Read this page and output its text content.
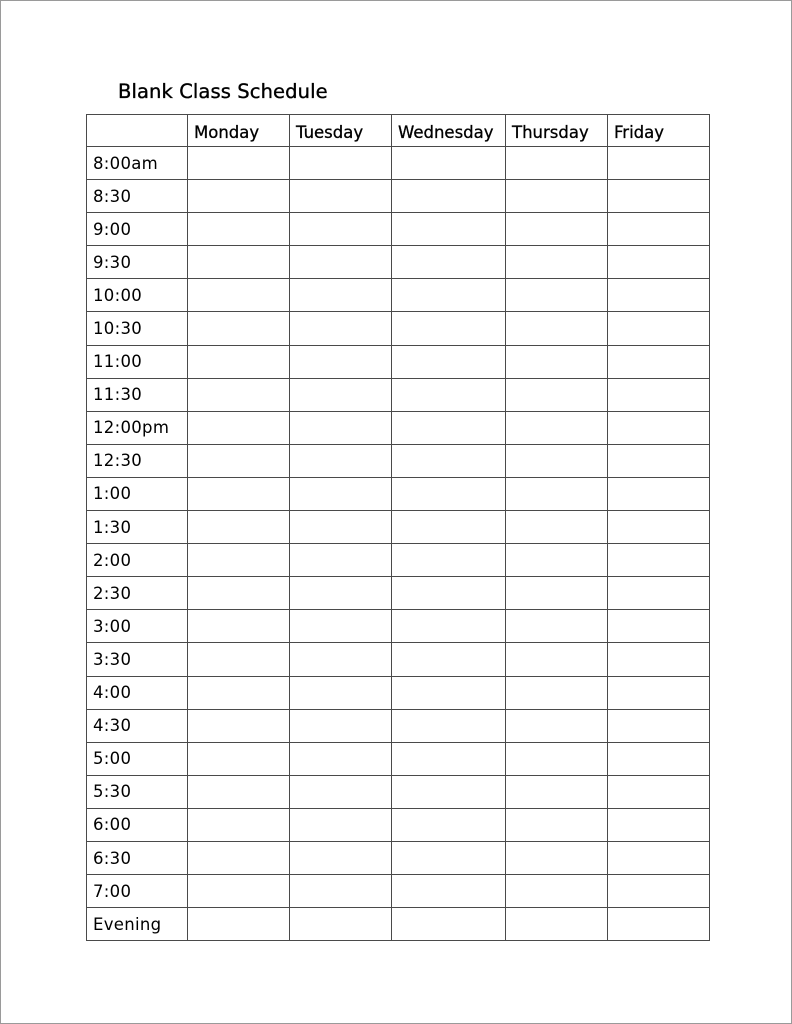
Blank Class Schedule
	Monday	Tuesday	Wednesday	Thursday	Friday
8:00am					
8:30					
9:00					
9:30					
10:00					
10:30					
11:00					
11:30					
12:00pm					
12:30					
1:00					
1:30					
2:00					
2:30					
3:00					
3:30					
4:00					
4:30					
5:00					
5:30					
6:00					
6:30					
7:00					
Evening					
